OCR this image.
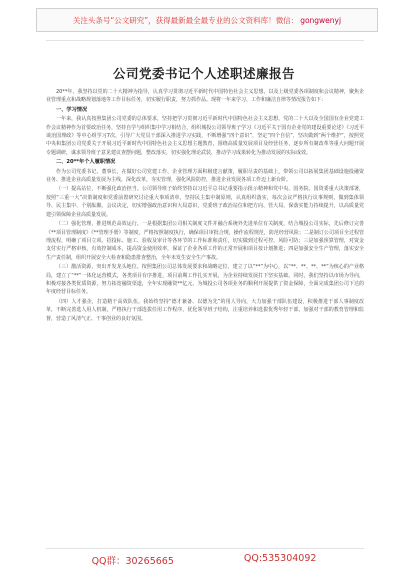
关注头条号“公文研究”，获得最新最全最专业的公文资料库！ 微信： gongwenyj
公司党委书记个人述职述廉报告

20**年，我坚持以党的二十大精神为指导，认真学习贯彻习近平新时代中国特色社会主义思想，以及上级党委各项制度和会议精神，聚焦企业管理重点和战略规划落地等工作目标任务，切实履行职责，努力抓作品。现将一年来学习、工作和廉洁自律等情况报告如下：

一、学习情况

一年来，我认真按照集团公司党委的总体要求，坚持把学习贯彻习近平新时代中国特色社会主义思想，党的二十大以及全国国有企业党建工作会议精神作为首要政治任务，坚持自学与组织集中学习相结合，组织城投公司领导班子学习《习近平关于国有企业党的建设重要论述》《习近平谈治国理政》等中心组学习7次，引导广大党员干部深入推进学习实践，不断增强“四个意识”，坚定“四个自信”，坚决做到“两个维护”，按照党中央和集团公司党委关于开展习近平新时代中国特色社会主义思想主题教育，围绕高质量发展项目及经营任务，逐步所有制改革等重大问题开展专题调研，谋求领导班子意见建议查摆问题，整改落实，切实强化理论武装，推动学习成果转化为推动发展的实际成效。

二、20**年个人履职情况

作为公司党委书记、董事长，在做好公司党建工作、企业管理方面积极建言献策，履职尽责的基础上，带领公司以拓展集团基础设施投融资业务、推进企业高质量发展为主线，深化改革，夯实管理，强化风险防控，推进企业发展各项工作迈上新台阶。

（一）提高站位，不断强化政治担当。公司领导班子始终坚持以习近平总书记重要指示批示精神和党中央、国务院、国资委重大决策部署，按照“三重一大”决策制度和党委前置研究讨论重大事项清单，坚持民主集中制原则，认真组织落实，每次会议严格执行议事规则，做到集体领导、民主集中、个别酝酿、会议决定，切实增强政治意识和大局意识，党委班子政治站位和把方向、管大局、保落实能力持续提升，以高质量党建引领保障企业高质量发展。

（二）强化管理，推进规范高效运行。一是根据集团公司相关制度文件并融合系统外先进单位有关制度，结合城投公司实际，先后修订完善《**项目管理制度》《**管理手册》等制度，严格按照制度执行，确保项目审批合规，操作流程规范，防范经营风险；二是制订公司项目全过程管理流程，明确了项目立项、招投标、施工、验收及审计等各环节的工作标准和责任，切实做到过程可控、风险可防；三是加强预算管理，对资金支付实行严格审核，有效控制成本，提高资金使用效率，保证了企业各项工作的正常开展和项目按计划推进；四是加强安全生产管理，落实安全生产责任制，组织开展安全大检查和隐患排查整治，全年未发生安全生产事故。

（三）激活资源，突出开发龙头地位。按照集团公司总体发展要求和战略定位，建立了以“**”为中心，以“**、**、**、**”为核心的产业格局，建立了“**”一体化运营模式，各类项目有序推进，项目前期工作扎实开展，为企业持续发展打下坚实基础。同时，我们坚持以市场为导向，积极对接各类优质资源，努力拓宽融资渠道，全年实现融资**亿元，为城投公司各项业务的顺利开展提供了资金保障，全面完成集团公司下达的年度经营目标任务。

（四）人才强企，打造精干高效队伍。我始终坚持“德才兼备、以德为先”的用人导向，大力加强干部队伍建设，积极推进干部人事制度改革，不断完善选人用人机制，严格执行干部选拔任用工作程序，优化领导班子结构，注重培养和选拔优秀年轻干部，加强对干部的教育管理和监督，营造了风清气正、干事创业的良好氛围。

QQ群：30265665	QQ:535304092
